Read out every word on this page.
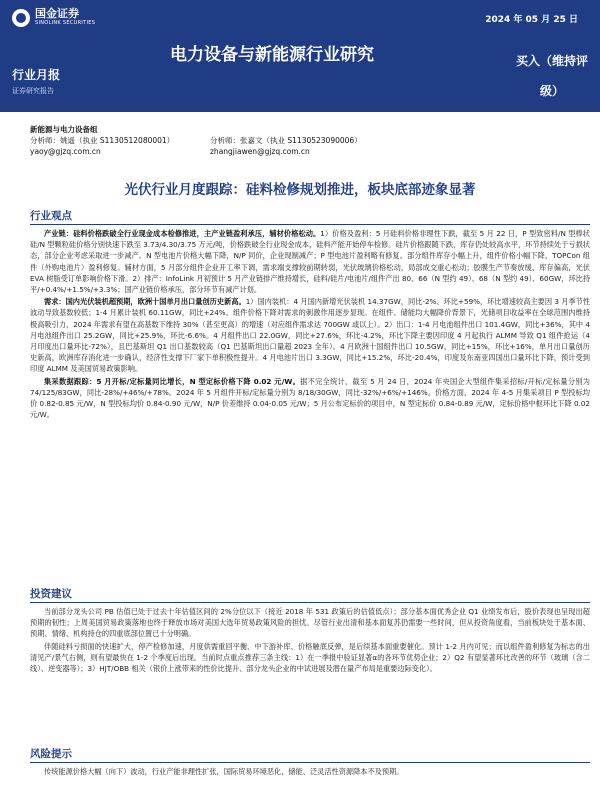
国金证券
SINOLINK SECURITIES
行业月报
证券研究报告
2024 年 05 月 25 日
电力设备与新能源行业研究	买入（维持评级）
新能源与电力设备组
分析师：姚遥（执业 S1130512080001）	分析师：张嘉文（执业 S1130523090006）
yaoy@gjzq.com.cn	zhangjiawen@gjzq.com.cn
光伏行业月度跟踪：硅料检修规划推进，板块底部迹象显著
行业观点

产业链：硅料价格跌破全行业现金成本检修推进，主产业链盈利承压，辅材价格松动。1）价格及盈利：5 月硅料价格非理性下跌，截至 5 月 22 日，P 型致密料/N 型棒状硅/N 型颗粒硅价格分别快速下跌至 3.73/4.30/3.75 万元/吨，价格跌破全行业现金成本，硅料产能开始停车检修。硅片价格跟随下跌，库存仍处较高水平，环节持续处于亏损状态，部分企业考虑采取进一步减产。N 型电池片价格大幅下降，N/P 同价，企业现制减产；P 型电池片盈利略有修复。部分组件库存小幅上升，组件价格小幅下降，TOPCon 组件（外购电池片）盈利修复。辅材方面，5 月部分组件企业开工率下调，需求端支撑较前期转弱，光伏玻璃价格松动，局部成交重心松动；胶膜生产节奏放缓、库存偏高，光伏 EVA 树脂受订单影响价格下滑。2）排产：InfoLink 月初预计 5 月产业链排产维持增长，硅料/硅片/电池片/组件产出 80、66（N 型约 49）、68（N 型约 49）、60GW，环比持平/+0.4%/+1.5%/+3.3%；国产业链价格承压，部分环节有减产计划。

需求：国内光伏装机超预期，欧洲十国单月出口量创历史新高。1）国内装机：4 月国内新增光伏装机 14.37GW，同比-2%、环比+59%，环比增速较高主要因 3 月季节性波动导致基数较低；1-4 月累计装机 60.11GW，同比+24%。组件价格下降对需求的刺激作用逐步显现。在组件、储能均大幅降价背景下，光储项目收益率在全球范围内维持极高吸引力，2024 年需求有望在高基数下维持 30%（甚至更高）的增速（对应组件需求达 700GW 或以上）。2）出口：1-4 月电池组件出口 101.4GW，同比+36%，其中 4 月电池组件出口 25.2GW，同比+25.9%，环比-6.6%。4 月组件出口 22.0GW，同比+27.6%，环比-4.2%，环比下降主要因印度 4 月起执行 ALMM 导致 Q1 组件抢运（4 月印度出口量环比-72%），且巴基斯坦 Q1 出口基数较高（Q1 巴基斯坦出口量超 2023 全年）。4 月欧洲十国组件出口 10.5GW，同比+15%，环比+16%，单月出口量创历史新高，欧洲库存消化进一步确认，经济性支撑下厂家下单积极性提升。4 月电池片出口 3.3GW，同比+15.2%，环比-20.4%，印度及东南亚四国出口量环比下降，预计受到印度 ALMM 及美国贸易政策影响。

集采数据跟踪：5 月开标/定标量同比增长，N 型定标价格下降 0.02 元/W。据不完全统计，截至 5 月 24 日，2024 年央国企大型组件集采招标/开标/定标量分别为 74/125/83GW，同比-28%/+46%/+78%。2024 年 5 月组件开标/定标量分别为 8/18/30GW，同比-32%/+6%/+146%。价格方面，2024 年 4-5 月集采项目 P 型投标均价 0.82-0.85 元/W，N 型投标均价 0.84-0.90 元/W，N/P 价差维持 0.04-0.05 元/W；5 月公布定标价的项目中，N 型定标价 0.84-0.89 元/W，定标价格中枢环比下降 0.02 元/W。

投资建议

当前部分龙头公司 PB 估值已处于过去十年估值区间的 2%分位以下（接近 2018 年 531 政策后的估值低点）；部分基本面优秀企业 Q1 业绩发布后，股价表现也呈现出超预期的韧性；上周美国贸易政策落地也终于释放市场对美国大选年贸易政策风险的担忧。尽管行业出清和基本面复苏仍需要一些时间，但从投资角度看，当前板块处于基本面、预期、情绪、机构持仓的四重底部位置已十分明确。

伴随硅料亏损面的快速扩大，停产检修加速，月度供需重回平衡、中下游补库、价格触底反弹，是后续基本面重要催化。预计 1-2 月内可见；而以组件盈利修复为标志的出清见产/景气右侧，则有望最快在 1-2 个季度后出现。当前时点重点推荐三条主线：1）在一季报中验证显著α的各环节优势企业；2）Q2 有望显著环比改善的环节（玻璃（含二线）、逆变器等）；3）HJT/OBB 相关（银价上涨带来的性价比提升、部分龙头企业的中试进展及潜在量产布局是重要边际变化）。

风险提示

传统能源价格大幅（向下）波动，行业产能非理性扩张，国际贸易环境恶化，储能、泛灵活性资源降本不及预期。
